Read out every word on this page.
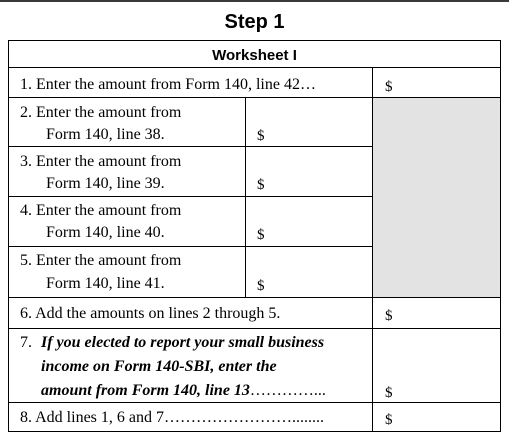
Step 1
Worksheet I
1. Enter the amount from Form 140, line 42…	$
2. Enter the amount from
Form 140, line 38.	$
3. Enter the amount from
Form 140, line 39.	$
4. Enter the amount from
Form 140, line 40.	$
5. Enter the amount from
Form 140, line 41.	$
6. Add the amounts on lines 2 through 5.	$
7. If you elected to report your small business
income on Form 140-SBI, enter the
amount from Form 140, line 13…………...	$
8. Add lines 1, 6 and 7……………………........	$
